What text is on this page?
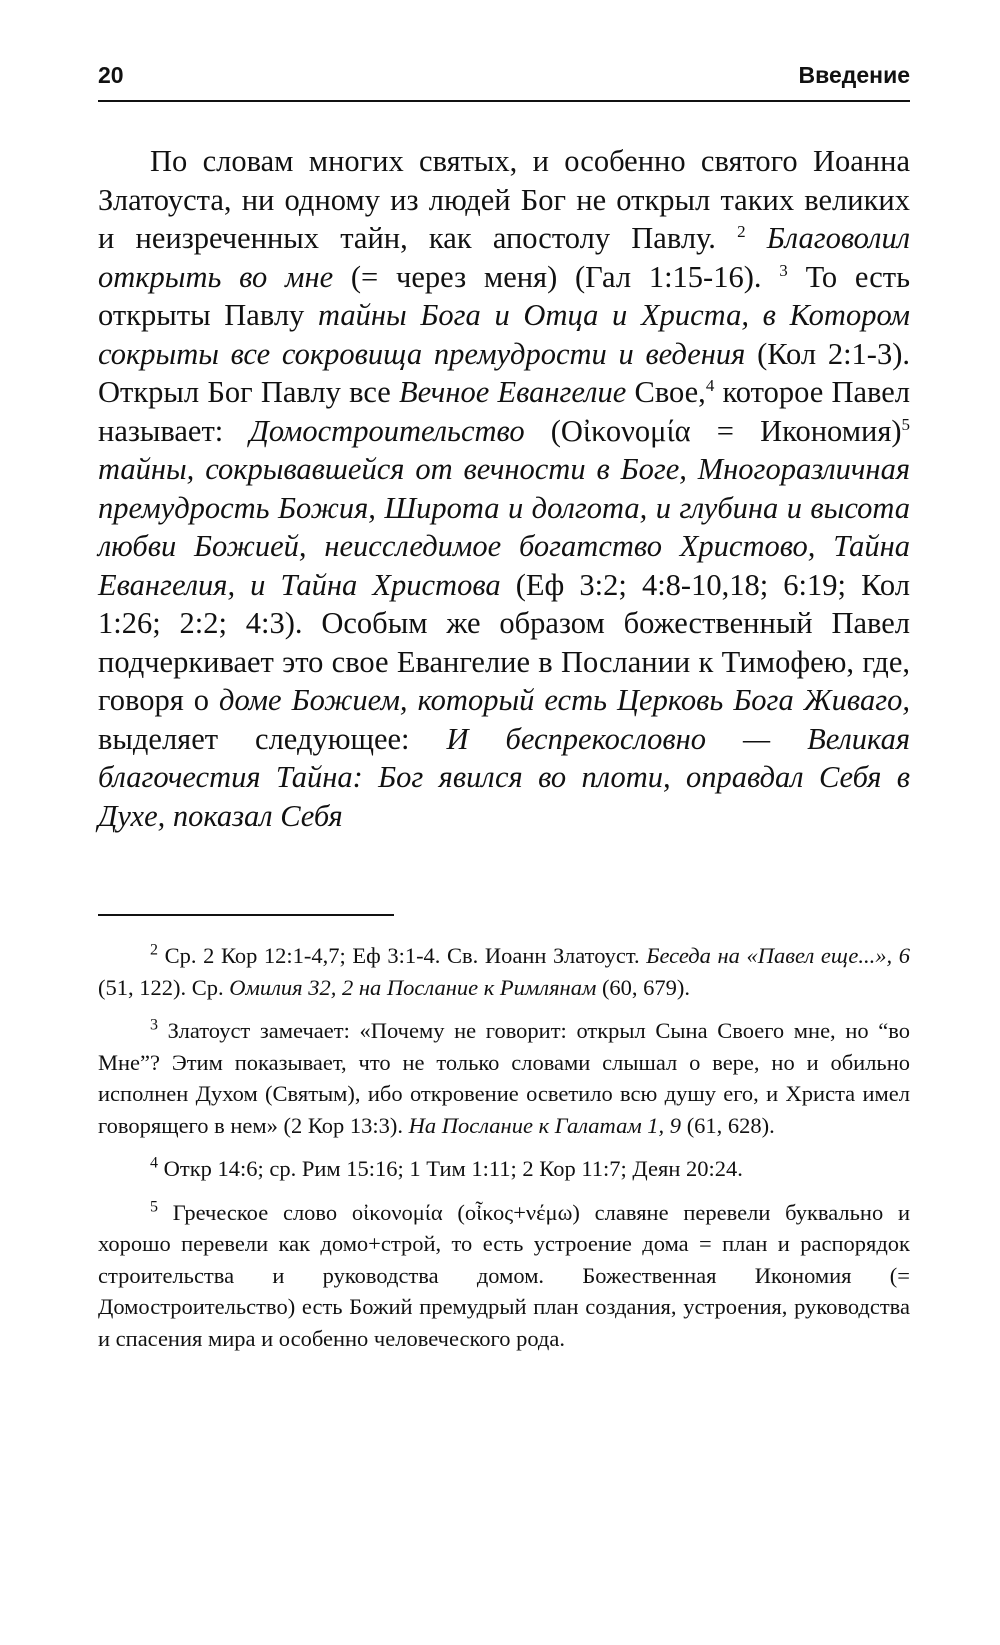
20	Введение

По словам многих святых, и особенно святого Иоанна Златоуста, ни одному из людей Бог не открыл таких великих и неизреченных тайн, как апостолу Павлу. $^2$ Благоволил открыть во мне (= через меня) (Гал 1:15-16). $^3$ То есть открыты Павлу тайны Бога и Отца и Христа, в Котором сокрыты все сокровища премудрости и ведения (Кол 2:1-3). Открыл Бог Павлу все Вечное Евангелие Свое,$^4$ которое Павел называет: Домостроительство (Οἰκονομία = Икономия)$^5$ тайны, сокрывавшейся от вечности в Боге, Многоразличная премудрость Божия, Широта и долгота, и глубина и высота любви Божией, неисследимое богатство Христово, Тайна Евангелия, и Тайна Христова (Еф 3:2; 4:8-10,18; 6:19; Кол 1:26; 2:2; 4:3). Особым же образом божественный Павел подчеркивает это свое Евангелие в Послании к Тимофею, где, говоря о доме Божием, который есть Церковь Бога Живаго, выделяет следующее: И беспрекословно — Великая благочестия Тайна: Бог явился во плоти, оправдал Себя в Духе, показал Себя

$^2$ Ср. 2 Кор 12:1-4,7; Еф 3:1-4. Св. Иоанн Златоуст. Беседа на «Павел еще...», 6 (51, 122). Ср. Омилия 32, 2 на Послание к Римлянам (60, 679).

$^3$ Златоуст замечает: «Почему не говорит: открыл Сына Своего мне, но “во Мне”? Этим показывает, что не только словами слышал о вере, но и обильно исполнен Духом (Святым), ибо откровение осветило всю душу его, и Христа имел говорящего в нем» (2 Кор 13:3). На Послание к Галатам 1, 9 (61, 628).

$^4$ Откр 14:6; ср. Рим 15:16; 1 Тим 1:11; 2 Кор 11:7; Деян 20:24.

$^5$ Греческое слово οἰκονομία (οἶκος+νέμω) славяне перевели буквально и хорошо перевели как домо+строй, то есть устроение дома = план и распорядок строительства и руководства домом. Божественная Икономия (= Домостроительство) есть Божий премудрый план создания, устроения, руководства и спасения мира и особенно человеческого рода.
